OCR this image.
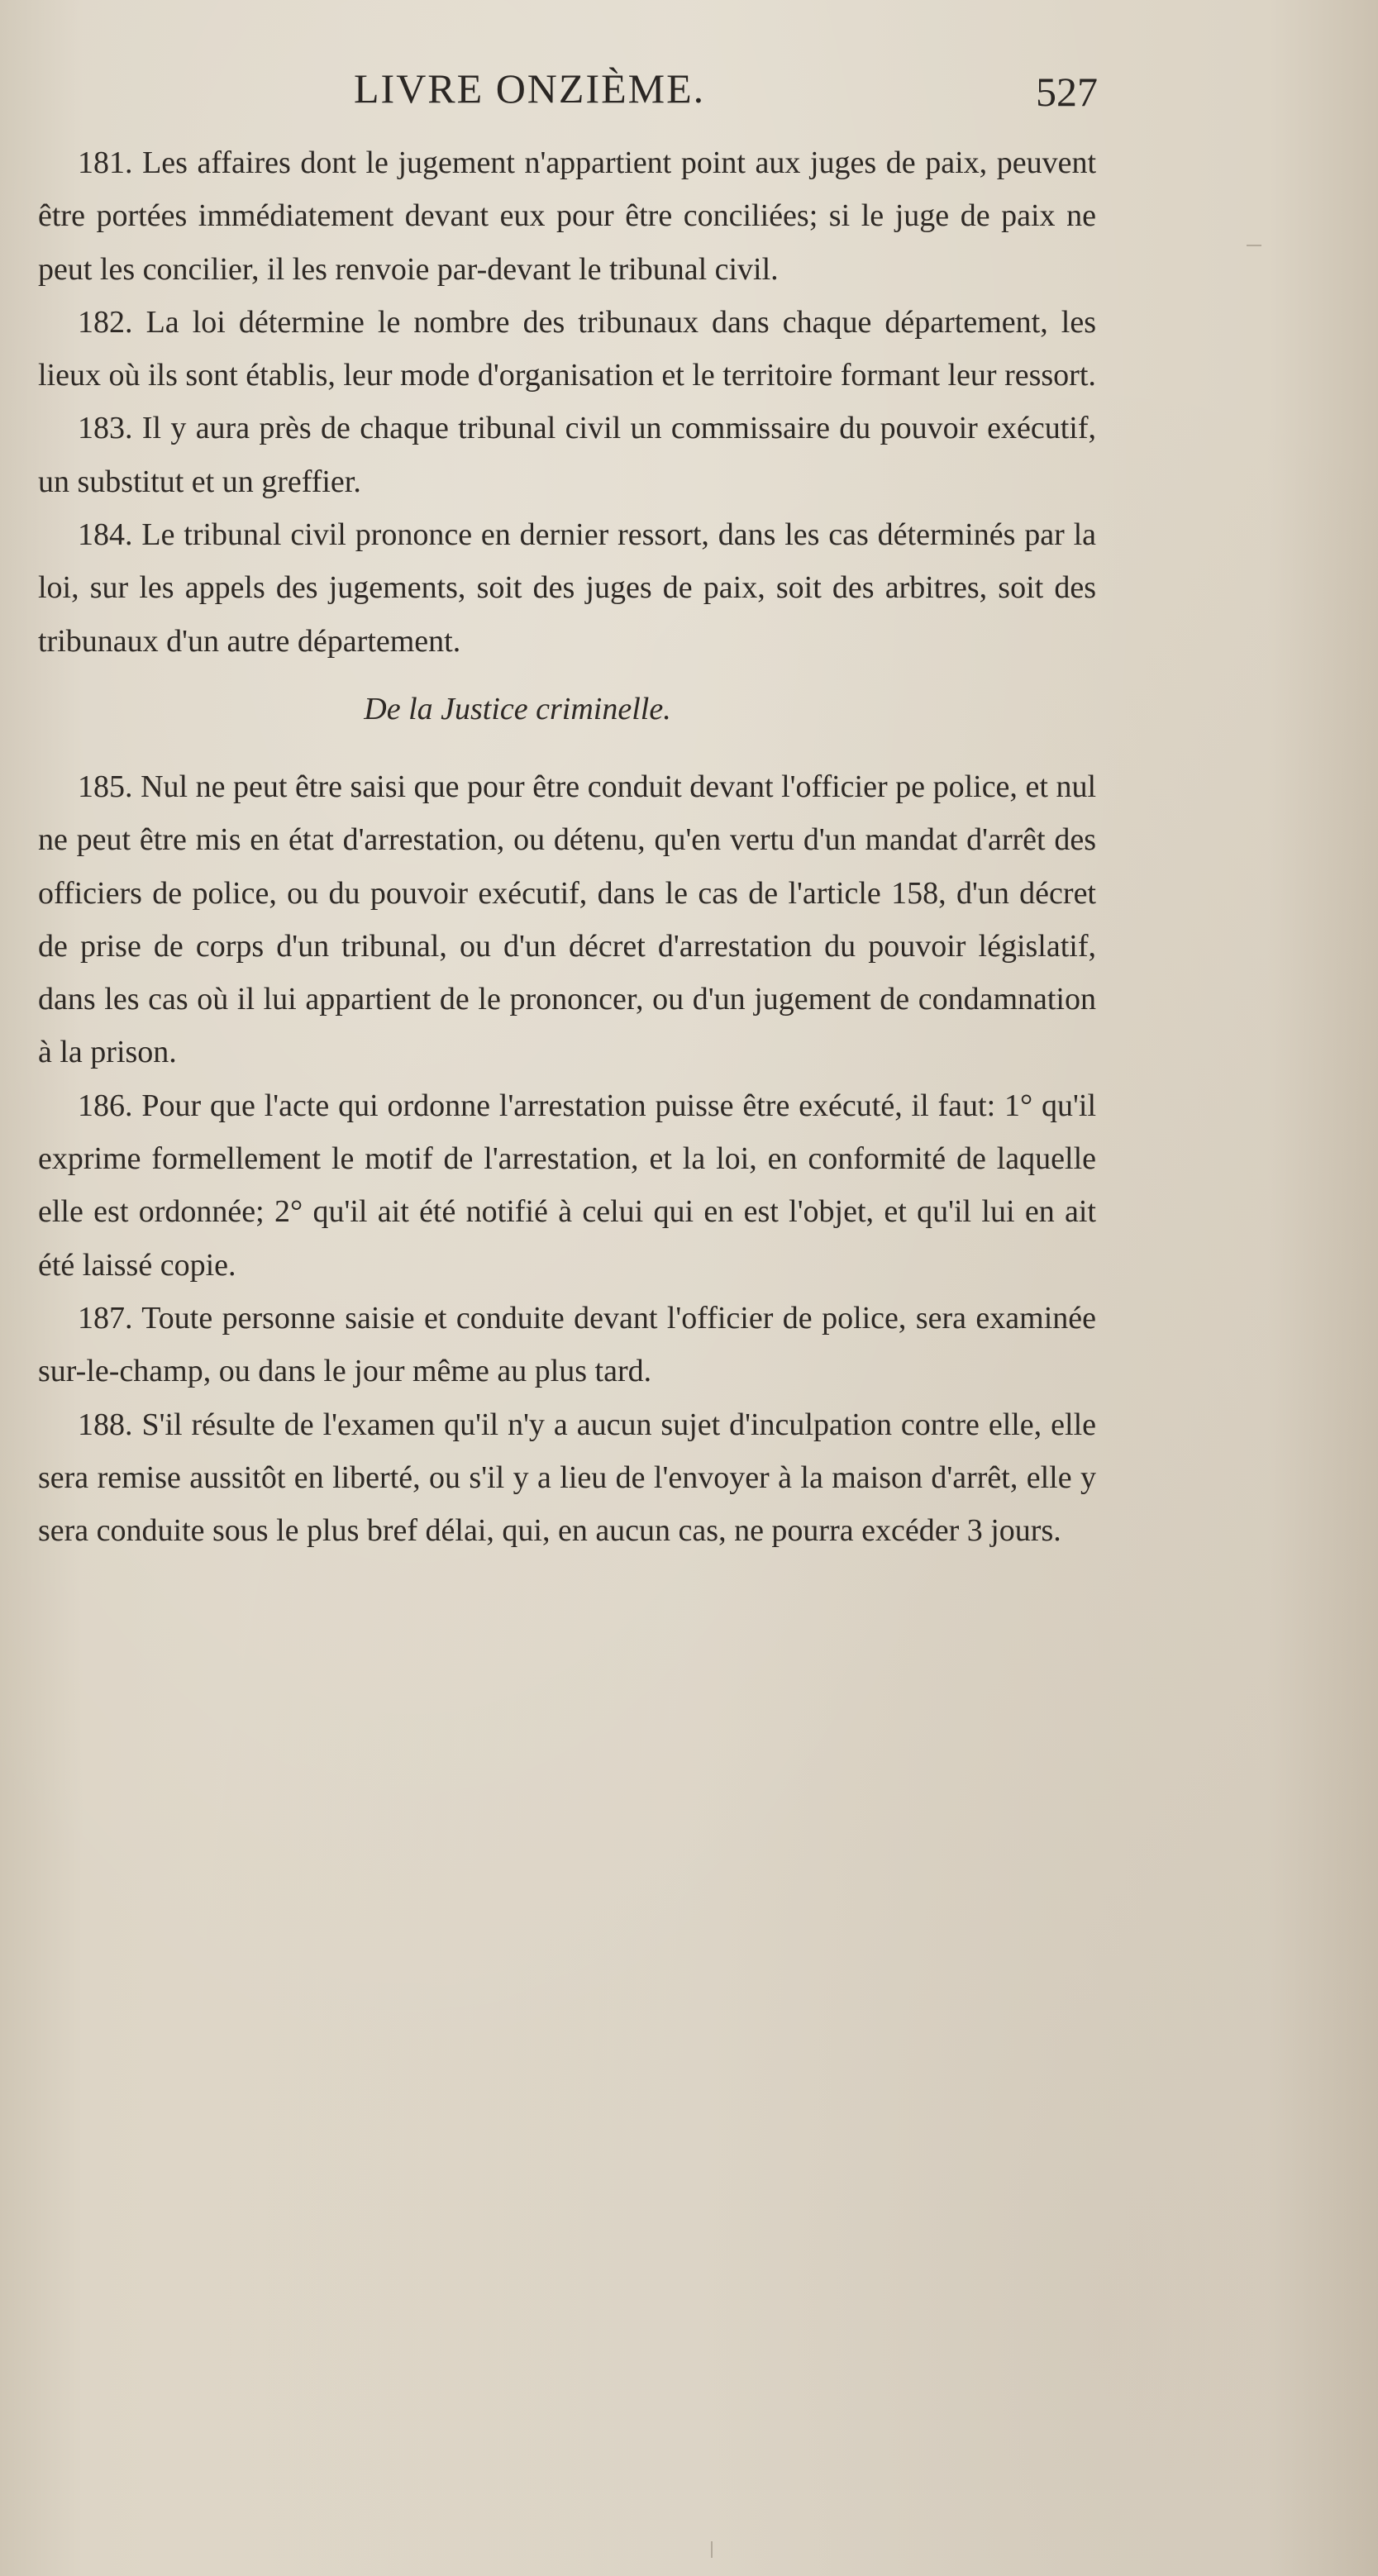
LIVRE ONZIÈME.	527

181. Les affaires dont le jugement n'appartient point aux juges de paix, peuvent être portées immédiatement devant eux pour être conciliées; si le juge de paix ne peut les concilier, il les renvoie par-devant le tribunal civil.

182. La loi détermine le nombre des tribunaux dans chaque département, les lieux où ils sont établis, leur mode d'organisation et le territoire formant leur ressort.

183. Il y aura près de chaque tribunal civil un commissaire du pouvoir exécutif, un substitut et un greffier.

184. Le tribunal civil prononce en dernier ressort, dans les cas déterminés par la loi, sur les appels des jugements, soit des juges de paix, soit des arbitres, soit des tribunaux d'un autre département.

De la Justice criminelle.

185. Nul ne peut être saisi que pour être conduit devant l'officier pe police, et nul ne peut être mis en état d'arrestation, ou détenu, qu'en vertu d'un mandat d'arrêt des officiers de police, ou du pouvoir exécutif, dans le cas de l'article 158, d'un décret de prise de corps d'un tribunal, ou d'un décret d'arrestation du pouvoir législatif, dans les cas où il lui appartient de le prononcer, ou d'un jugement de condamnation à la prison.

186. Pour que l'acte qui ordonne l'arrestation puisse être exécuté, il faut: 1° qu'il exprime formellement le motif de l'arrestation, et la loi, en conformité de laquelle elle est ordonnée; 2° qu'il ait été notifié à celui qui en est l'objet, et qu'il lui en ait été laissé copie.

187. Toute personne saisie et conduite devant l'officier de police, sera examinée sur-le-champ, ou dans le jour même au plus tard.

188. S'il résulte de l'examen qu'il n'y a aucun sujet d'inculpation contre elle, elle sera remise aussitôt en liberté, ou s'il y a lieu de l'envoyer à la maison d'arrêt, elle y sera conduite sous le plus bref délai, qui, en aucun cas, ne pourra excéder 3 jours.
